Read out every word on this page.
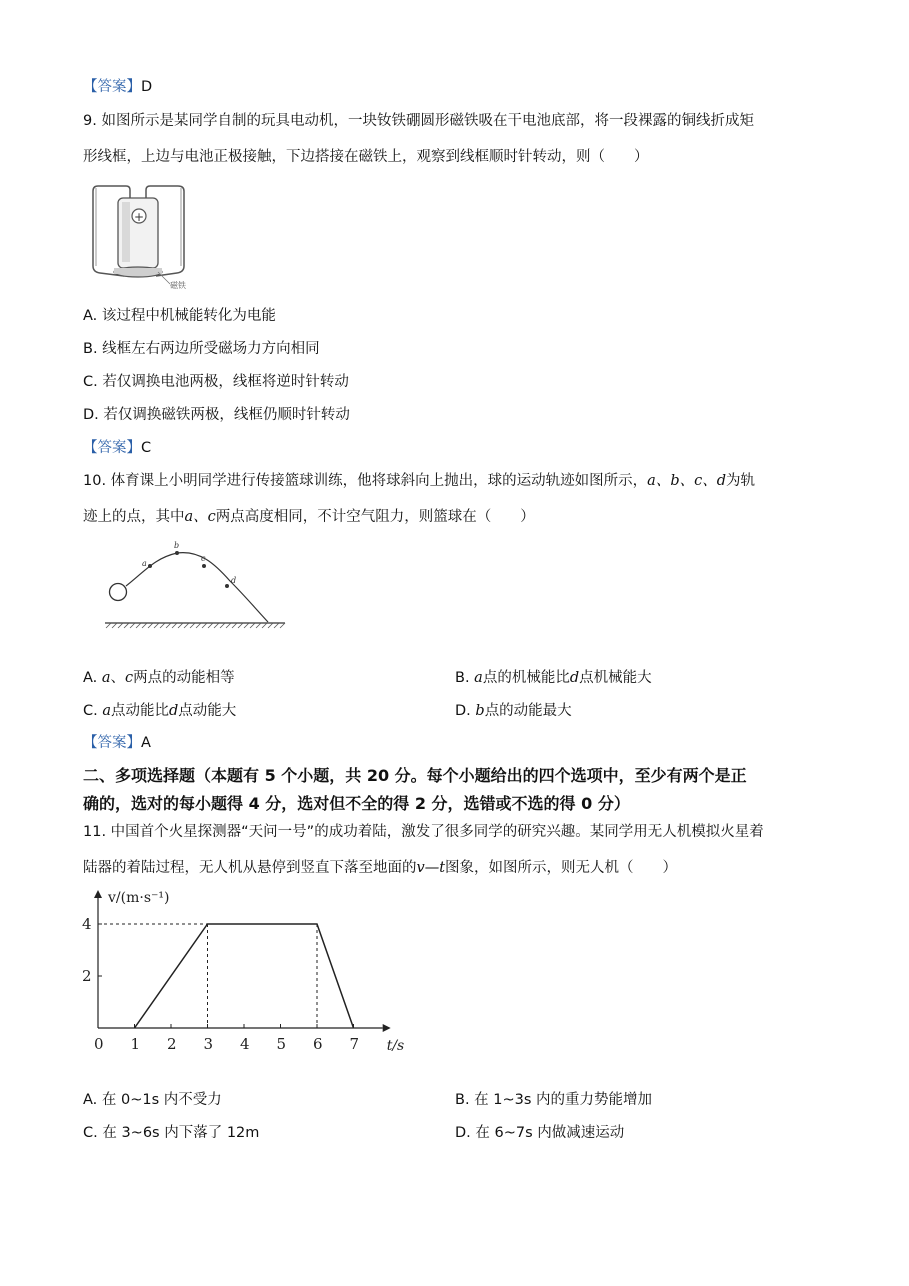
【答案】D
9. 如图所示是某同学自制的玩具电动机，一块钕铁硼圆形磁铁吸在干电池底部，将一段裸露的铜线折成矩
形线框，上边与电池正极接触，下边搭接在磁铁上，观察到线框顺时针转动，则（　　）
+
磁铁
A. 该过程中机械能转化为电能
B. 线框左右两边所受磁场力方向相同
C. 若仅调换电池两极，线框将逆时针转动
D. 若仅调换磁铁两极，线框仍顺时针转动
【答案】C
10. 体育课上小明同学进行传接篮球训练，他将球斜向上抛出，球的运动轨迹如图所示，a、b、c、d为轨
迹上的点，其中a、c两点高度相同，不计空气阻力，则篮球在（　　）
a
b
c
d
A. a、c两点的动能相等	B. a点的机械能比d点机械能大
C. a点动能比d点动能大	D. b点的动能最大
【答案】A
二、多项选择题（本题有 5 个小题，共 20 分。每个小题给出的四个选项中，至少有两个是正
确的，选对的每小题得 4 分，选对但不全的得 2 分，选错或不选的得 0 分）
11. 中国首个火星探测器“天问一号”的成功着陆，激发了很多同学的研究兴趣。某同学用无人机模拟火星着
陆器的着陆过程，无人机从悬停到竖直下落至地面的v—t图象，如图所示，则无人机（　　）
0 1 2 3 4 5 6 7
2
4
v/(m·s⁻¹)
t/s
A. 在 0~1s 内不受力	B. 在 1~3s 内的重力势能增加
C. 在 3~6s 内下落了 12m	D. 在 6~7s 内做减速运动
